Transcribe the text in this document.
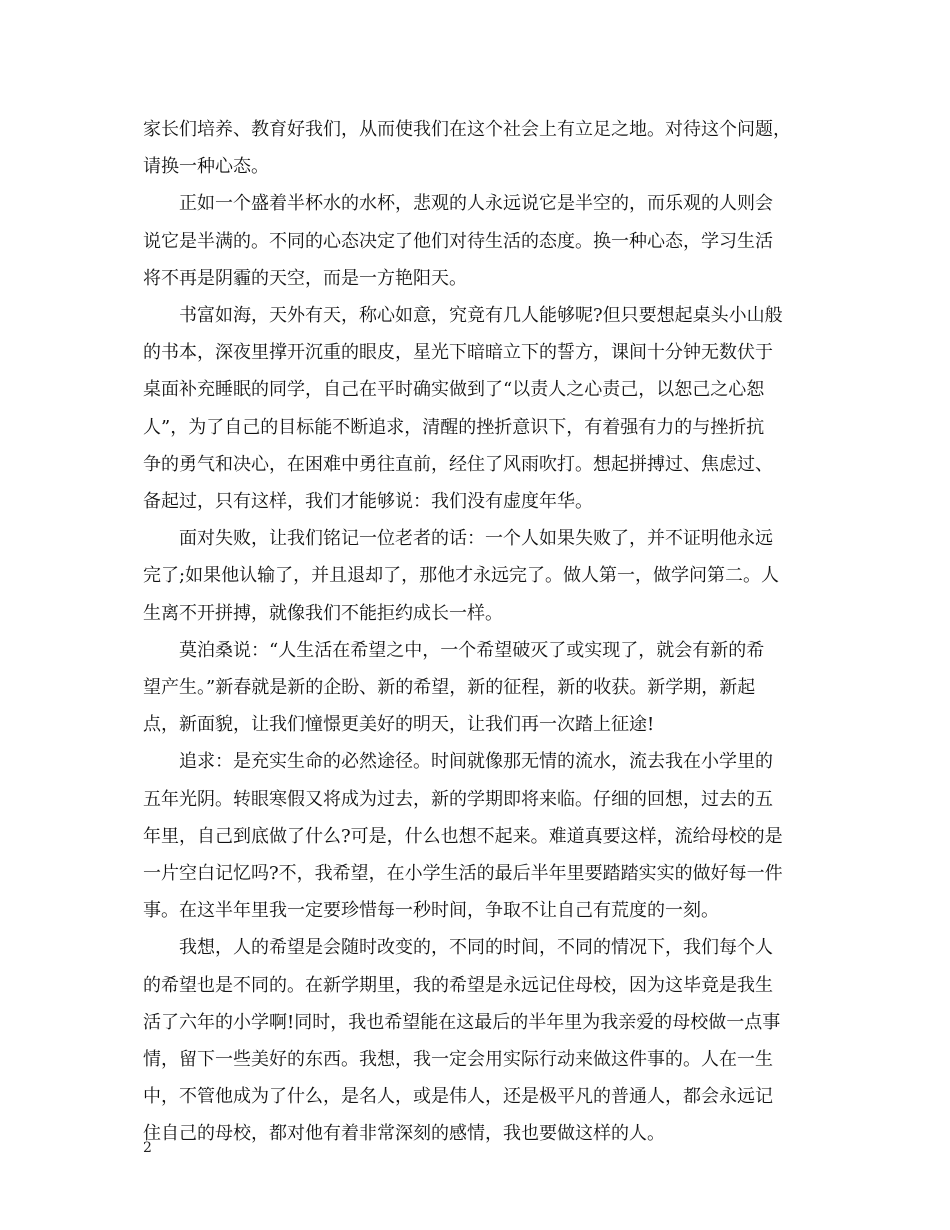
家长们培养、教育好我们，从而使我们在这个社会上有立足之地。对待这个问题，
请换一种心态。
正如一个盛着半杯水的水杯，悲观的人永远说它是半空的，而乐观的人则会
说它是半满的。不同的心态决定了他们对待生活的态度。换一种心态，学习生活
将不再是阴霾的天空，而是一方艳阳天。
书富如海，天外有天，称心如意，究竟有几人能够呢?但只要想起桌头小山般
的书本，深夜里撑开沉重的眼皮，星光下暗暗立下的誓方，课间十分钟无数伏于
桌面补充睡眠的同学，自己在平时确实做到了“以责人之心责己，以恕己之心恕
人”，为了自己的目标能不断追求，清醒的挫折意识下，有着强有力的与挫折抗
争的勇气和决心，在困难中勇往直前，经住了风雨吹打。想起拼搏过、焦虑过、
备起过，只有这样，我们才能够说：我们没有虚度年华。
面对失败，让我们铭记一位老者的话：一个人如果失败了，并不证明他永远
完了;如果他认输了，并且退却了，那他才永远完了。做人第一，做学问第二。人
生离不开拼搏，就像我们不能拒约成长一样。
莫泊桑说：“人生活在希望之中，一个希望破灭了或实现了，就会有新的希
望产生。”新春就是新的企盼、新的希望，新的征程，新的收获。新学期，新起
点，新面貌，让我们憧憬更美好的明天，让我们再一次踏上征途!
追求：是充实生命的必然途径。时间就像那无情的流水，流去我在小学里的
五年光阴。转眼寒假又将成为过去，新的学期即将来临。仔细的回想，过去的五
年里，自己到底做了什么?可是，什么也想不起来。难道真要这样，流给母校的是
一片空白记忆吗?不，我希望，在小学生活的最后半年里要踏踏实实的做好每一件
事。在这半年里我一定要珍惜每一秒时间，争取不让自己有荒度的一刻。
我想，人的希望是会随时改变的，不同的时间，不同的情况下，我们每个人
的希望也是不同的。在新学期里，我的希望是永远记住母校，因为这毕竟是我生
活了六年的小学啊!同时，我也希望能在这最后的半年里为我亲爱的母校做一点事
情，留下一些美好的东西。我想，我一定会用实际行动来做这件事的。人在一生
中，不管他成为了什么，是名人，或是伟人，还是极平凡的普通人，都会永远记
住自己的母校，都对他有着非常深刻的感情，我也要做这样的人。
2
